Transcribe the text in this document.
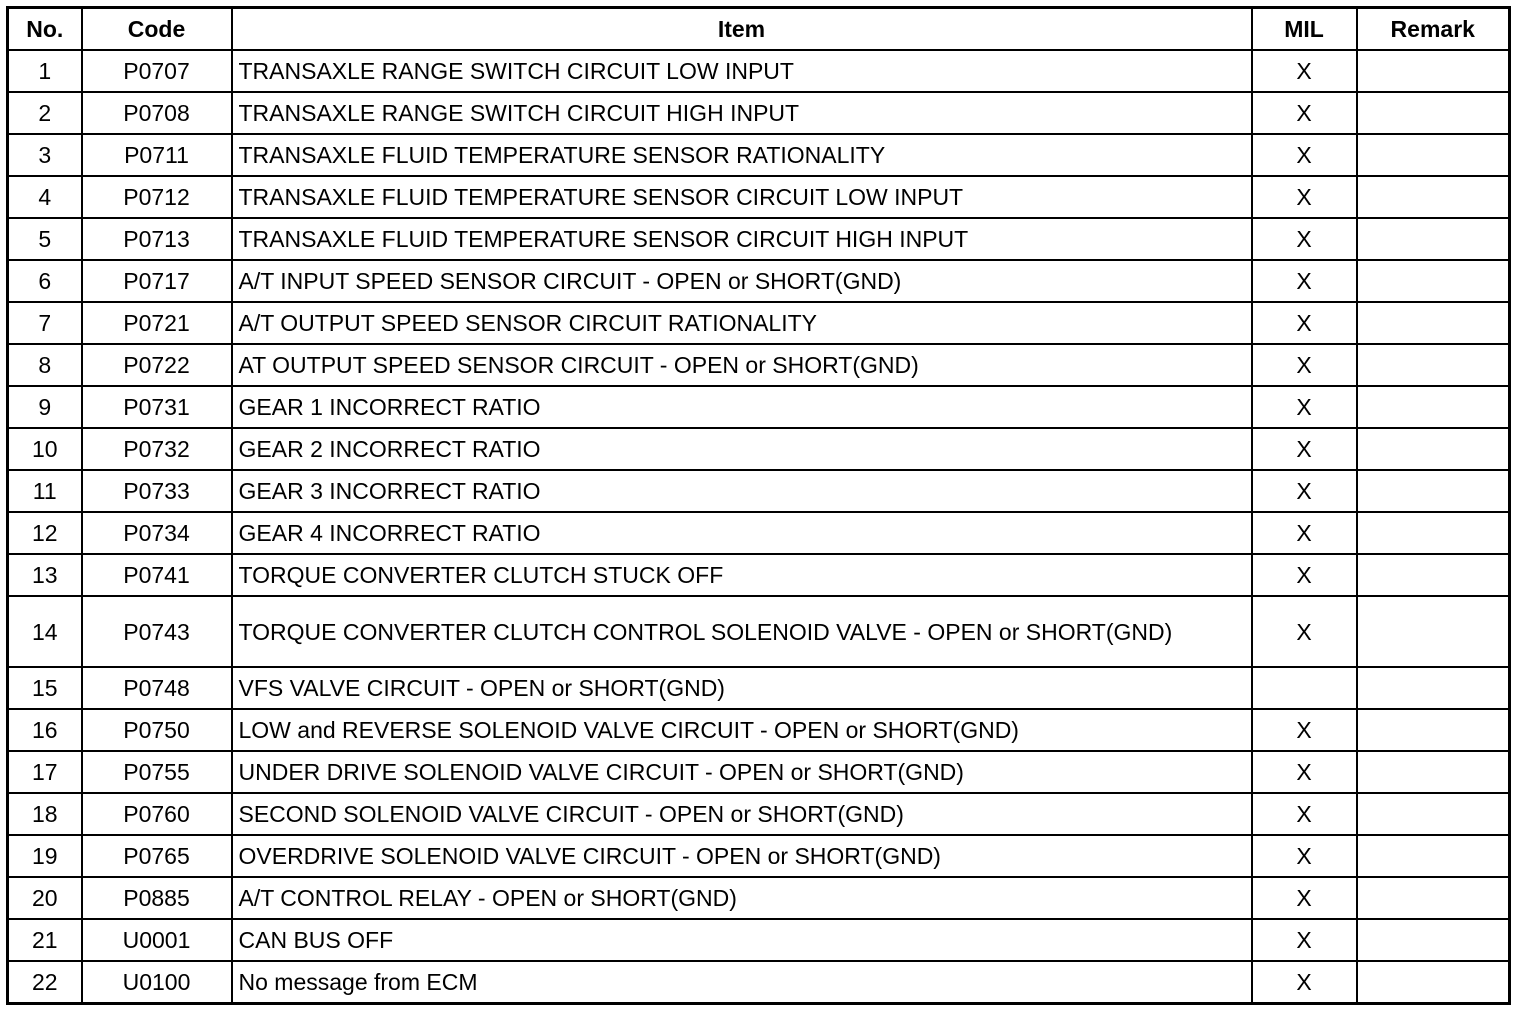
No.	Code	Item	MIL	Remark
1	P0707	TRANSAXLE RANGE SWITCH CIRCUIT LOW INPUT	X	
2	P0708	TRANSAXLE RANGE SWITCH CIRCUIT HIGH INPUT	X	
3	P0711	TRANSAXLE FLUID TEMPERATURE SENSOR RATIONALITY	X	
4	P0712	TRANSAXLE FLUID TEMPERATURE SENSOR CIRCUIT LOW INPUT	X	
5	P0713	TRANSAXLE FLUID TEMPERATURE SENSOR CIRCUIT HIGH INPUT	X	
6	P0717	A/T INPUT SPEED SENSOR CIRCUIT - OPEN or SHORT(GND)	X	
7	P0721	A/T OUTPUT SPEED SENSOR CIRCUIT RATIONALITY	X	
8	P0722	AT OUTPUT SPEED SENSOR CIRCUIT - OPEN or SHORT(GND)	X	
9	P0731	GEAR 1 INCORRECT RATIO	X	
10	P0732	GEAR 2 INCORRECT RATIO	X	
11	P0733	GEAR 3 INCORRECT RATIO	X	
12	P0734	GEAR 4 INCORRECT RATIO	X	
13	P0741	TORQUE CONVERTER CLUTCH STUCK OFF	X	
14	P0743	TORQUE CONVERTER CLUTCH CONTROL SOLENOID VALVE - OPEN or SHORT(GND)	X	
15	P0748	VFS VALVE CIRCUIT - OPEN or SHORT(GND)		

16	P0750	LOW and REVERSE SOLENOID VALVE CIRCUIT - OPEN or SHORT(GND)	X	
17	P0755	UNDER DRIVE SOLENOID VALVE CIRCUIT - OPEN or SHORT(GND)	X	
18	P0760	SECOND SOLENOID VALVE CIRCUIT - OPEN or SHORT(GND)	X	
19	P0765	OVERDRIVE SOLENOID VALVE CIRCUIT - OPEN or SHORT(GND)	X	
20	P0885	A/T CONTROL RELAY - OPEN or SHORT(GND)	X	
21	U0001	CAN BUS OFF	X	
22	U0100	No message from ECM	X	
